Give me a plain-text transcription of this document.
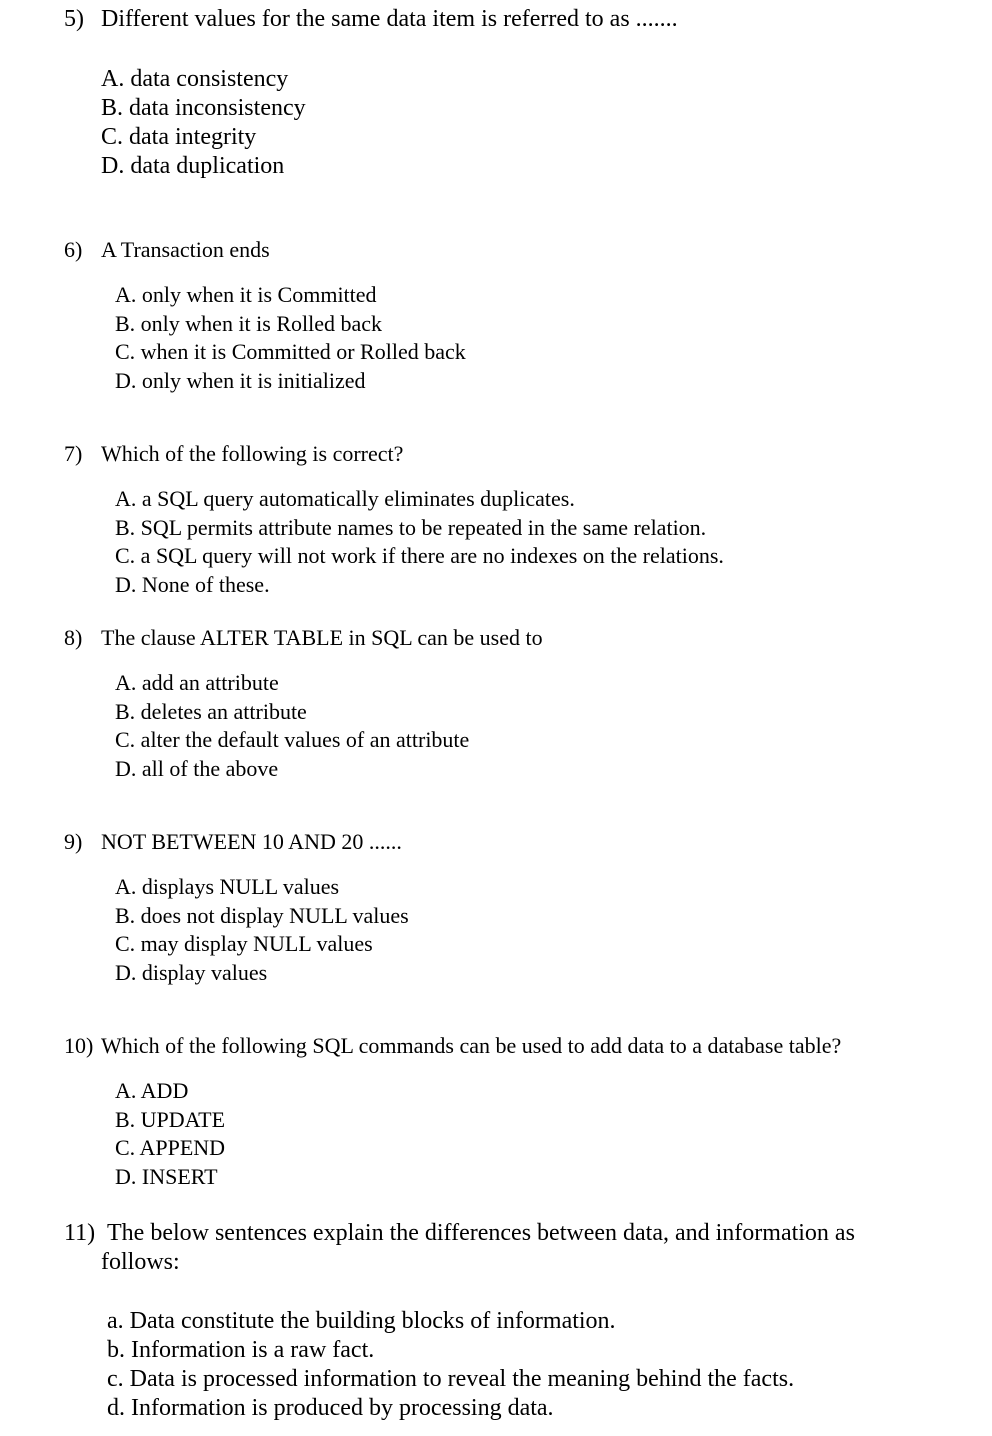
5) Different values for the same data item is referred to as .......
A. data consistency
B. data inconsistency
C. data integrity
D. data duplication
6) A Transaction ends
A. only when it is Committed
B. only when it is Rolled back
C. when it is Committed or Rolled back
D. only when it is initialized
7) Which of the following is correct?
A. a SQL query automatically eliminates duplicates.
B. SQL permits attribute names to be repeated in the same relation.
C. a SQL query will not work if there are no indexes on the relations.
D. None of these.
8) The clause ALTER TABLE in SQL can be used to
A. add an attribute
B. deletes an attribute
C. alter the default values of an attribute
D. all of the above
9) NOT BETWEEN 10 AND 20 ......
A. displays NULL values
B. does not display NULL values
C. may display NULL values
D. display values
10) Which of the following SQL commands can be used to add data to a database table?
A. ADD
B. UPDATE
C. APPEND
D. INSERT
11) The below sentences explain the differences between data, and information as
follows:
a. Data constitute the building blocks of information.
b. Information is a raw fact.
c. Data is processed information to reveal the meaning behind the facts.
d. Information is produced by processing data.
